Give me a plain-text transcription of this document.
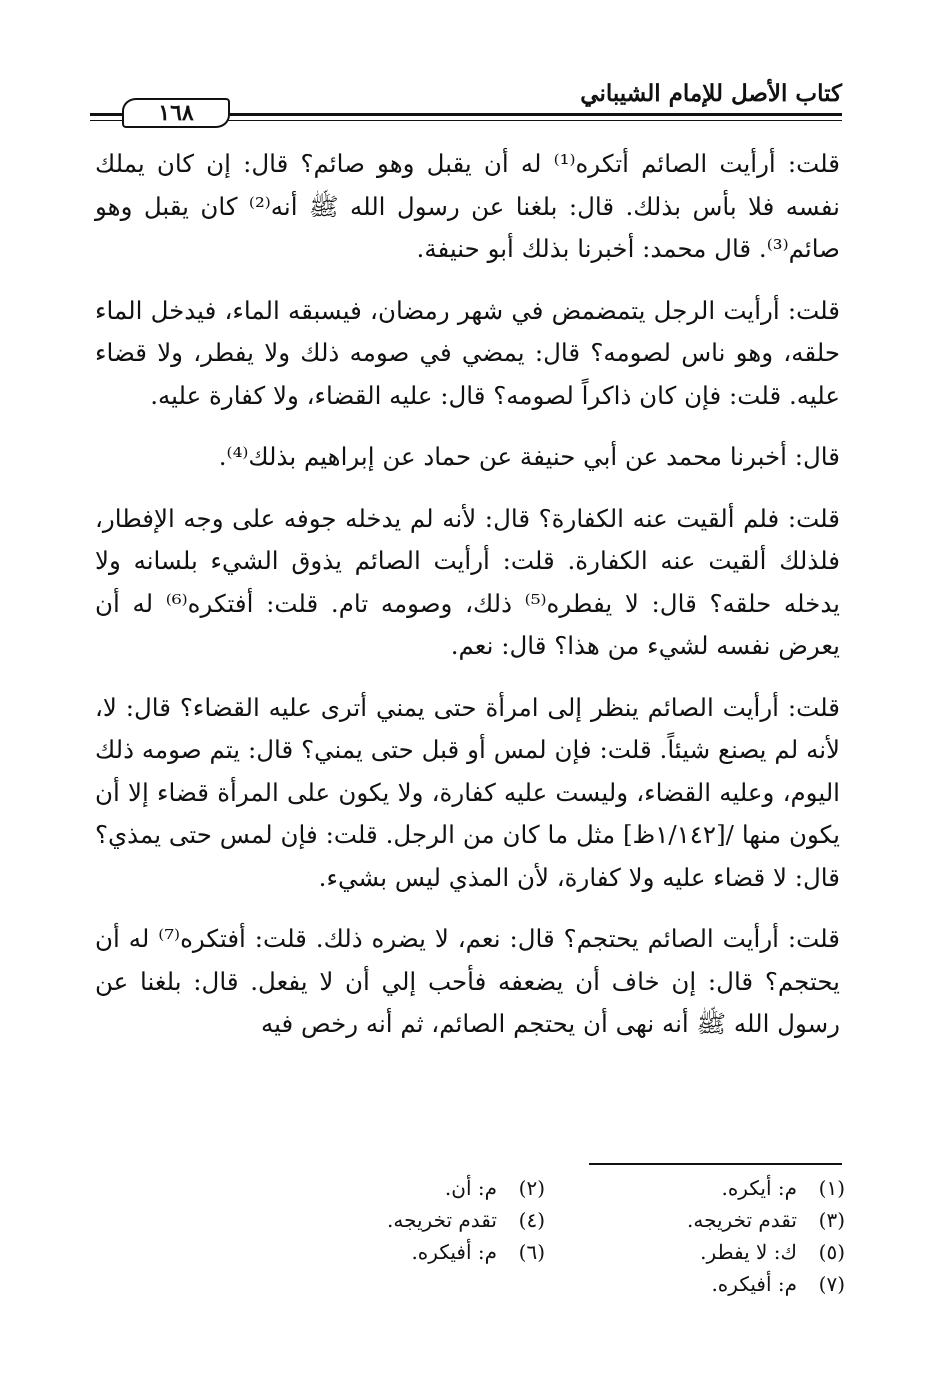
كتاب الأصل للإمام الشيباني
١٦٨

قلت: أرأيت الصائم أتكره⁽¹⁾ له أن يقبل وهو صائم؟ قال: إن كان يملك نفسه فلا بأس بذلك. قال: بلغنا عن رسول الله ﷺ أنه⁽²⁾ كان يقبل وهو صائم⁽³⁾. قال محمد: أخبرنا بذلك أبو حنيفة.

قلت: أرأيت الرجل يتمضمض في شهر رمضان، فيسبقه الماء، فيدخل الماء حلقه، وهو ناس لصومه؟ قال: يمضي في صومه ذلك ولا يفطر، ولا قضاء عليه. قلت: فإن كان ذاكراً لصومه؟ قال: عليه القضاء، ولا كفارة عليه.

قال: أخبرنا محمد عن أبي حنيفة عن حماد عن إبراهيم بذلك⁽⁴⁾.

قلت: فلم ألقيت عنه الكفارة؟ قال: لأنه لم يدخله جوفه على وجه الإفطار، فلذلك ألقيت عنه الكفارة. قلت: أرأيت الصائم يذوق الشيء بلسانه ولا يدخله حلقه؟ قال: لا يفطره⁽⁵⁾ ذلك، وصومه تام. قلت: أفتكره⁽⁶⁾ له أن يعرض نفسه لشيء من هذا؟ قال: نعم.

قلت: أرأيت الصائم ينظر إلى امرأة حتى يمني أترى عليه القضاء؟ قال: لا، لأنه لم يصنع شيئاً. قلت: فإن لمس أو قبل حتى يمني؟ قال: يتم صومه ذلك اليوم، وعليه القضاء، وليست عليه كفارة، ولا يكون على المرأة قضاء إلا أن يكون منها /[١/١٤٢ظ] مثل ما كان من الرجل. قلت: فإن لمس حتى يمذي؟ قال: لا قضاء عليه ولا كفارة، لأن المذي ليس بشيء.

قلت: أرأيت الصائم يحتجم؟ قال: نعم، لا يضره ذلك. قلت: أفتكره⁽⁷⁾ له أن يحتجم؟ قال: إن خاف أن يضعفه فأحب إلي أن لا يفعل. قال: بلغنا عن رسول الله ﷺ أنه نهى أن يحتجم الصائم، ثم أنه رخص فيه

(١)
م: أيكره.
(٢)
م: أن.
(٣)
تقدم تخريجه.
(٤)
تقدم تخريجه.
(٥)
ك: لا يفطر.
(٦)
م: أفيكره.
(٧)
م: أفيكره.
